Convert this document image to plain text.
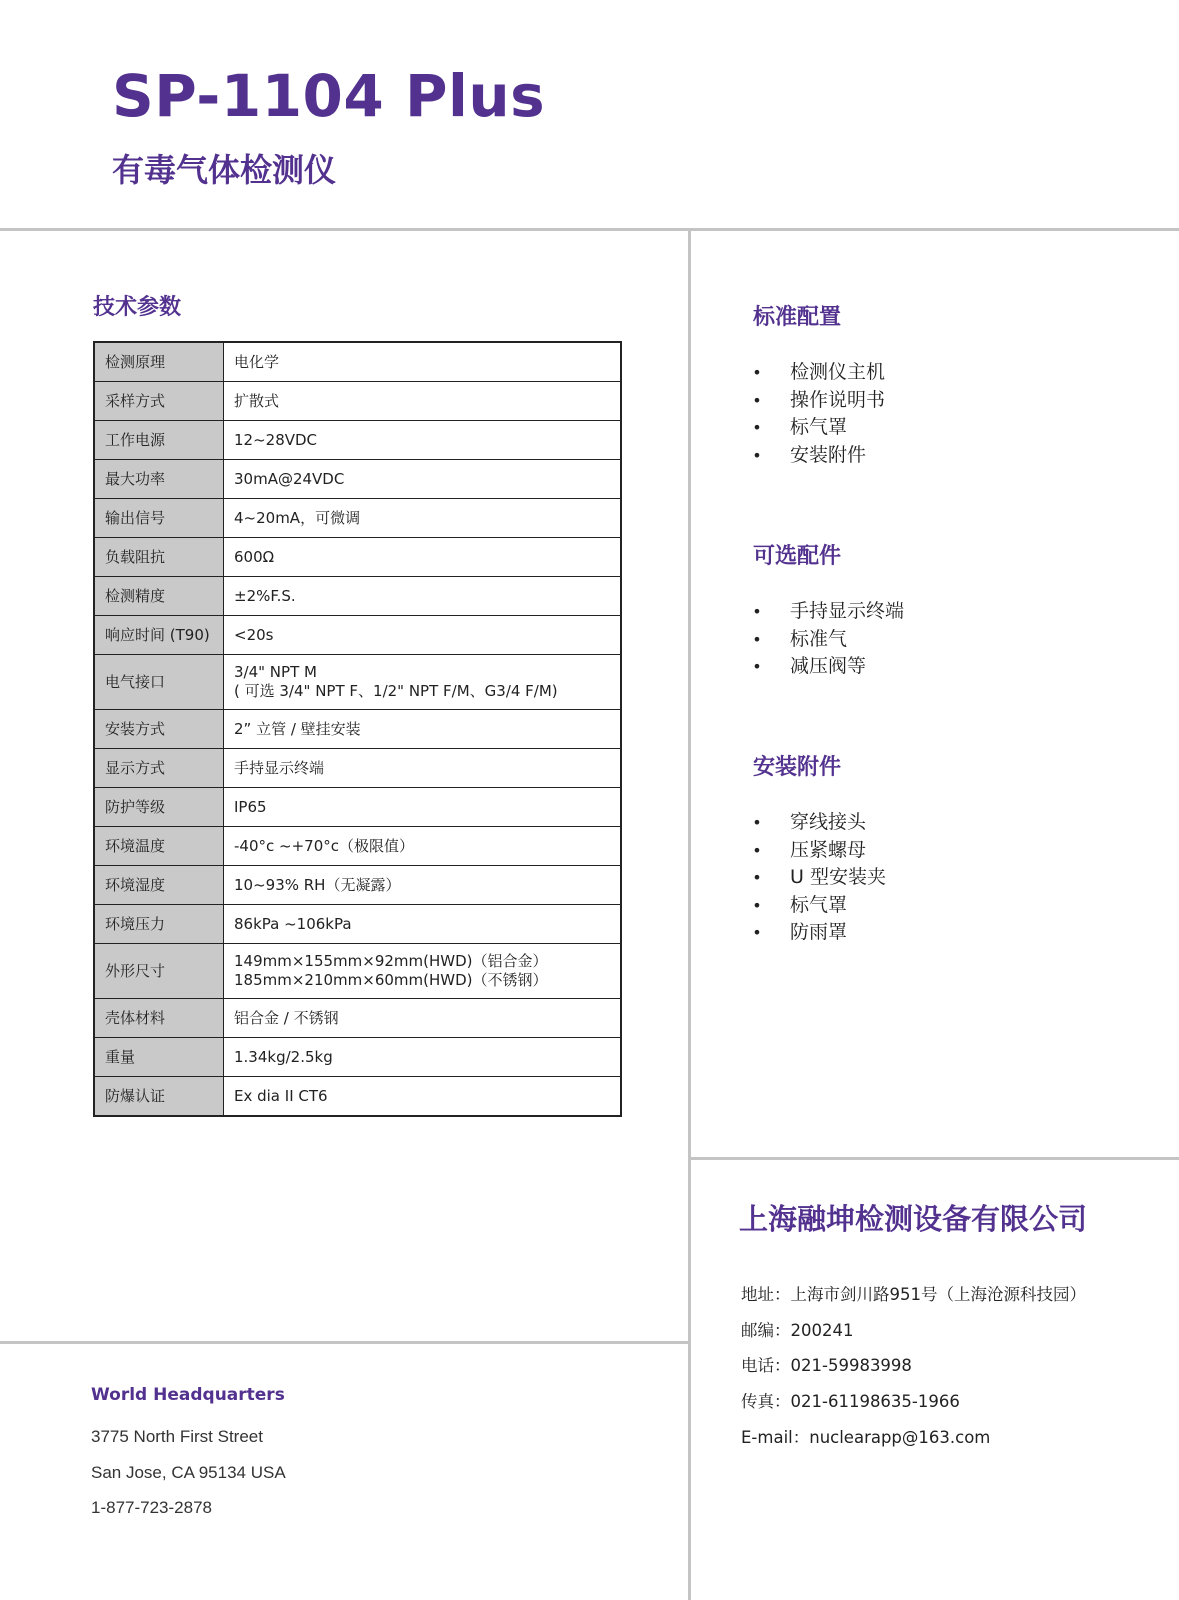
SP-1104 Plus
有毒气体检测仪
技术参数
检测原理	电化学

采样方式	扩散式

工作电源	12~28VDC

最大功率	30mA@24VDC

输出信号	4~20mA，可微调

负载阻抗	600Ω

检测精度	±2%F.S.

响应时间 (T90)	<20s

电气接口	3/4" NPT M
( 可选 3/4" NPT F、1/2" NPT F/M、G3/4 F/M)

安装方式	2” 立管 / 壁挂安装

显示方式	手持显示终端

防护等级	IP65

环境温度	-40°c ~+70°c（极限值）

环境湿度	10~93% RH（无凝露）

环境压力	86kPa ~106kPa

外形尺寸	149mm×155mm×92mm(HWD)（铝合金）
185mm×210mm×60mm(HWD)（不锈钢）

壳体材料	铝合金 / 不锈钢

重量	1.34kg/2.5kg

防爆认证	Ex dia II CT6
标准配置
• 检测仪主机
• 操作说明书
• 标气罩
• 安装附件
可选配件
• 手持显示终端
• 标准气
• 减压阀等
安装附件
• 穿线接头
• 压紧螺母
• U 型安装夹
• 标气罩
• 防雨罩
上海融坤检测设备有限公司
地址：上海市剑川路951号（上海沧源科技园）
邮编：200241
电话：021-59983998
传真：021-61198635-1966
E-mail：nuclearapp@163.com
World Headquarters
3775 North First Street
San Jose, CA 95134 USA
1-877-723-2878
